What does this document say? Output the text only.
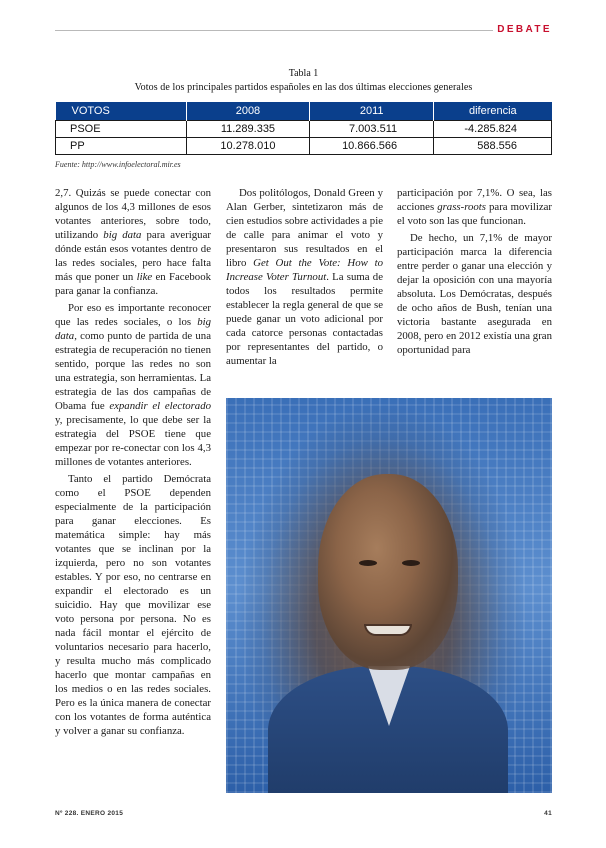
DEBATE
Tabla 1
Votos de los principales partidos españoles en las dos últimas elecciones generales
VOTOS	2008	2011	diferencia
PSOE	11.289.335	7.003.511	-4.285.824
PP	10.278.010	10.866.566	588.556
Fuente: http://www.infoelectoral.mir.es

2,7. Quizás se puede conectar con algunos de los 4,3 millones de esos votantes anteriores, sobre todo, utilizando big data para averiguar dónde están esos votantes dentro de las redes sociales, pero hace falta más que poner un like en Facebook para ganar la confianza.

Por eso es importante reconocer que las redes sociales, o los big data, como punto de partida de una estrategia de recuperación no tienen sentido, porque las redes no son una estrategia, son herramientas. La estrategia de las dos campañas de Obama fue expandir el electorado y, precisamente, lo que debe ser la estrategia del PSOE tiene que empezar por re-conectar con los 4,3 millones de votantes anteriores.

Tanto el partido Demócrata como el PSOE dependen especialmente de la participación para ganar elecciones. Es matemática simple: hay más votantes que se inclinan por la izquierda, pero no son votantes estables. Y por eso, no centrarse en expandir el electorado es un suicidio. Hay que movilizar ese voto persona por persona. No es nada fácil montar el ejército de voluntarios necesario para hacerlo, y resulta mucho más complicado hacerlo que montar campañas en los medios o en las redes sociales. Pero es la única manera de conectar con los votantes de forma auténtica y volver a ganar su confianza.

Dos politólogos, Donald Green y Alan Gerber, sintetizaron más de cien estudios sobre actividades a pie de calle para animar el voto y presentaron sus resultados en el libro Get Out the Vote: How to Increase Voter Turnout. La suma de todos los resultados permite establecer la regla general de que se puede ganar un voto adicional por cada catorce personas contactadas por representantes del partido, o aumentar la

participación por 7,1%. O sea, las acciones grass-roots para movilizar el voto son las que funcionan.

De hecho, un 7,1% de mayor participación marca la diferencia entre perder o ganar una elección y dejar la oposición con una mayoría absoluta. Los Demócratas, después de ocho años de Bush, tenían una victoria bastante asegurada en 2008, pero en 2012 existía una gran oportunidad para

Nº 228. ENERO 2015	41
